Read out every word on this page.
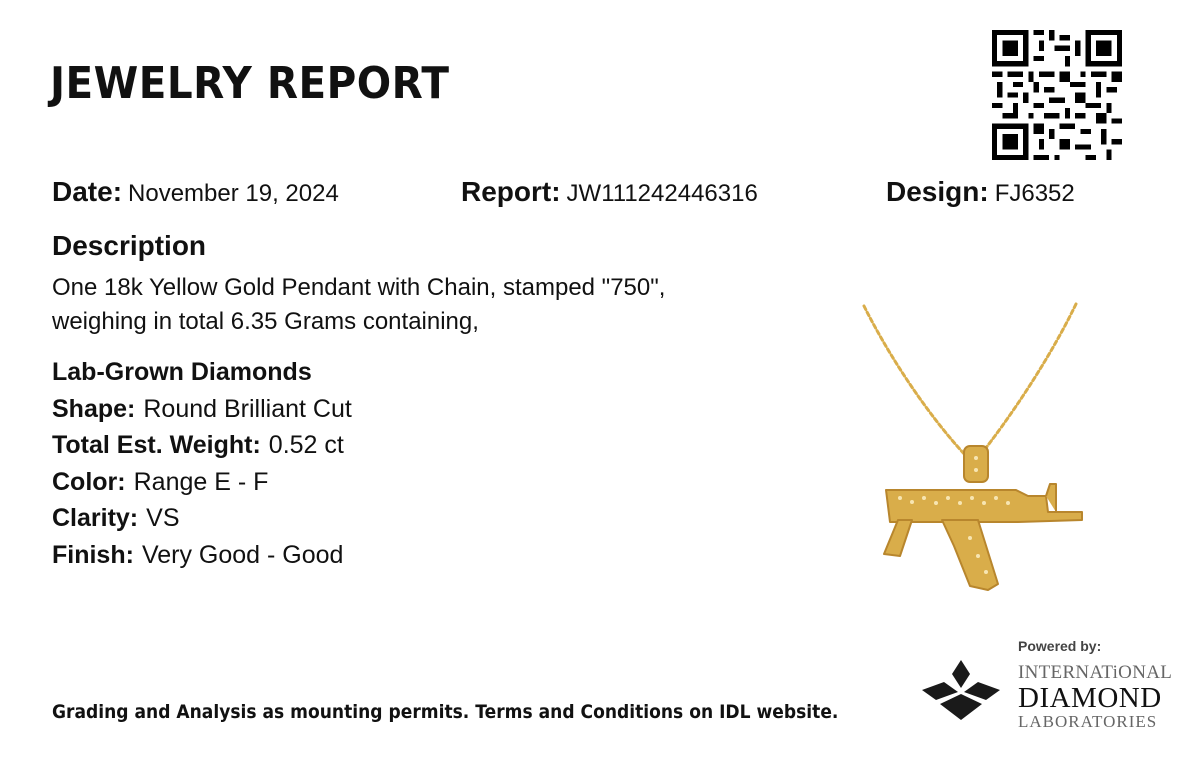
JEWELRY REPORT
Date: November 19, 2024	Report: JW111242446316	Design: FJ6352
Description
One 18k Yellow Gold Pendant with Chain, stamped "750",
weighing in total 6.35 Grams containing,
Lab-Grown Diamonds
Shape: Round Brilliant Cut
Total Est. Weight: 0.52 ct
Color: Range E - F
Clarity: VS
Finish: Very Good - Good
Grading and Analysis as mounting permits. Terms and Conditions on IDL website.
Powered by:
INTERNATiONAL
DIAMOND
LABORATORIES
